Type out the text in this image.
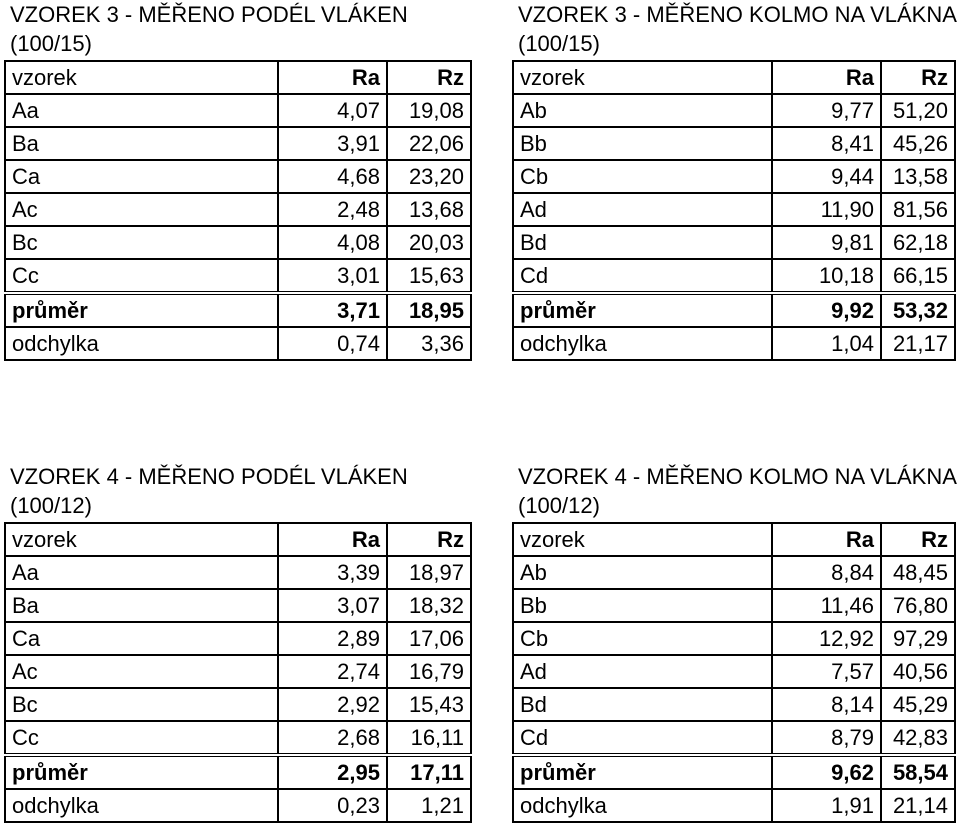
VZOREK 3 - MĚŘENO PODÉL VLÁKEN (100/15)
vzorek	Ra	Rz
Aa	4,07	19,08
Ba	3,91	22,06
Ca	4,68	23,20
Ac	2,48	13,68
Bc	4,08	20,03
Cc	3,01	15,63
průměr	3,71	18,95
odchylka	0,74	3,36
VZOREK 3 - MĚŘENO KOLMO NA VLÁKNA (100/15)
vzorek	Ra	Rz
Ab	9,77	51,20
Bb	8,41	45,26
Cb	9,44	13,58
Ad	11,90	81,56
Bd	9,81	62,18
Cd	10,18	66,15
průměr	9,92	53,32
odchylka	1,04	21,17
VZOREK 4 - MĚŘENO PODÉL VLÁKEN (100/12)
vzorek	Ra	Rz
Aa	3,39	18,97
Ba	3,07	18,32
Ca	2,89	17,06
Ac	2,74	16,79
Bc	2,92	15,43
Cc	2,68	16,11
průměr	2,95	17,11
odchylka	0,23	1,21
VZOREK 4 - MĚŘENO KOLMO NA VLÁKNA (100/12)
vzorek	Ra	Rz
Ab	8,84	48,45
Bb	11,46	76,80
Cb	12,92	97,29
Ad	7,57	40,56
Bd	8,14	45,29
Cd	8,79	42,83
průměr	9,62	58,54
odchylka	1,91	21,14
